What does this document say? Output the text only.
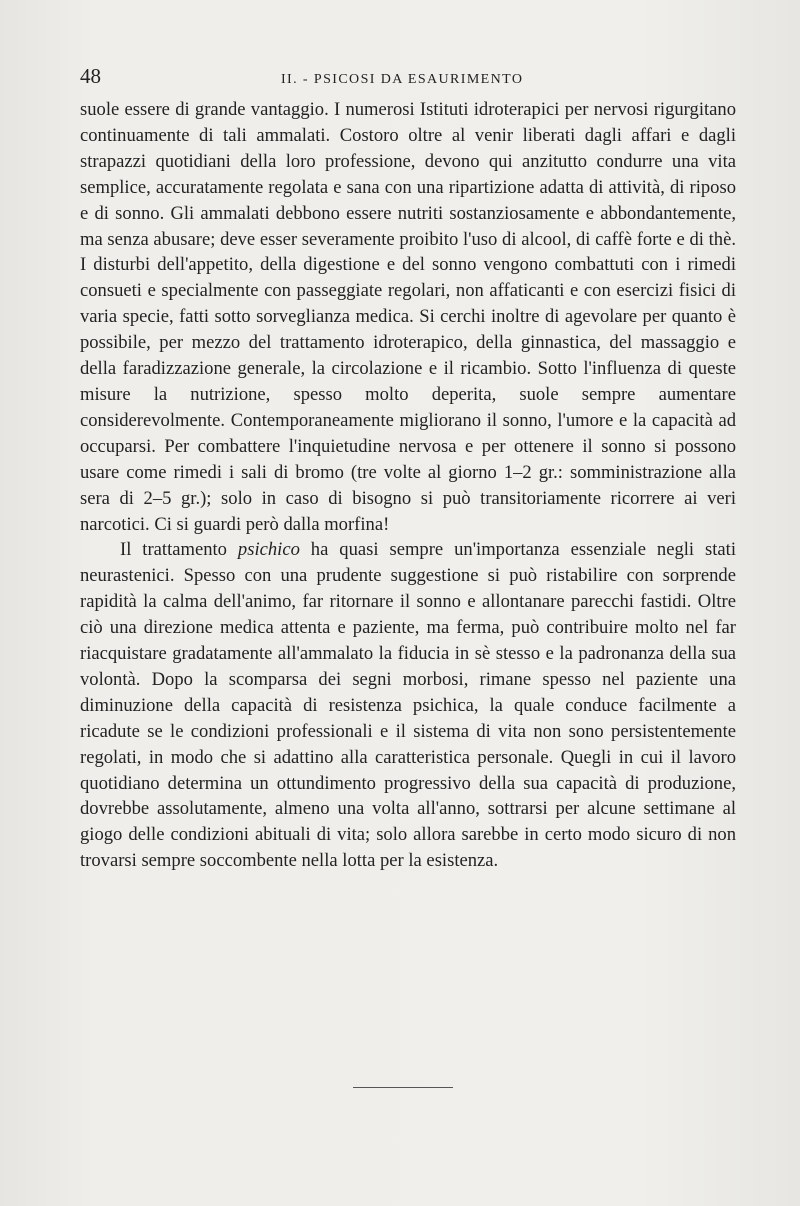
48	II. - PSICOSI DA ESAURIMENTO

suole essere di grande vantaggio. I numerosi Istituti idroterapici per nervosi rigurgitano continuamente di tali ammalati. Costoro oltre al venir liberati dagli affari e dagli strapazzi quotidiani della loro professione, devono qui anzitutto condurre una vita semplice, accuratamente regolata e sana con una ripartizione adatta di attività, di riposo e di sonno. Gli ammalati debbono essere nutriti sostanziosamente e abbondantemente, ma senza abusare; deve esser severamente proibito l'uso di alcool, di caffè forte e di thè. I disturbi dell'appetito, della digestione e del sonno vengono combattuti con i rimedi consueti e specialmente con passeggiate regolari, non affaticanti e con esercizi fisici di varia specie, fatti sotto sorveglianza medica. Si cerchi inoltre di agevolare per quanto è possibile, per mezzo del trattamento idroterapico, della ginnastica, del massaggio e della faradizzazione generale, la circolazione e il ricambio. Sotto l'influenza di queste misure la nutrizione, spesso molto deperita, suole sempre aumentare considerevolmente. Contemporaneamente migliorano il sonno, l'umore e la capacità ad occuparsi. Per combattere l'inquietudine nervosa e per ottenere il sonno si possono usare come rimedi i sali di bromo (tre volte al giorno 1–2 gr.: somministrazione alla sera di 2–5 gr.); solo in caso di bisogno si può transitoriamente ricorrere ai veri narcotici. Ci si guardi però dalla morfina!

Il trattamento psichico ha quasi sempre un'importanza essenziale negli stati neurastenici. Spesso con una prudente suggestione si può ristabilire con sorprende rapidità la calma dell'animo, far ritornare il sonno e allontanare parecchi fastidi. Oltre ciò una direzione medica attenta e paziente, ma ferma, può contribuire molto nel far riacquistare gradatamente all'ammalato la fiducia in sè stesso e la padronanza della sua volontà. Dopo la scomparsa dei segni morbosi, rimane spesso nel paziente una diminuzione della capacità di resistenza psichica, la quale conduce facilmente a ricadute se le condizioni professionali e il sistema di vita non sono persistentemente regolati, in modo che si adattino alla caratteristica personale. Quegli in cui il lavoro quotidiano determina un ottundimento progressivo della sua capacità di produzione, dovrebbe assolutamente, almeno una volta all'anno, sottrarsi per alcune settimane al giogo delle condizioni abituali di vita; solo allora sarebbe in certo modo sicuro di non trovarsi sempre soccombente nella lotta per la esistenza.
